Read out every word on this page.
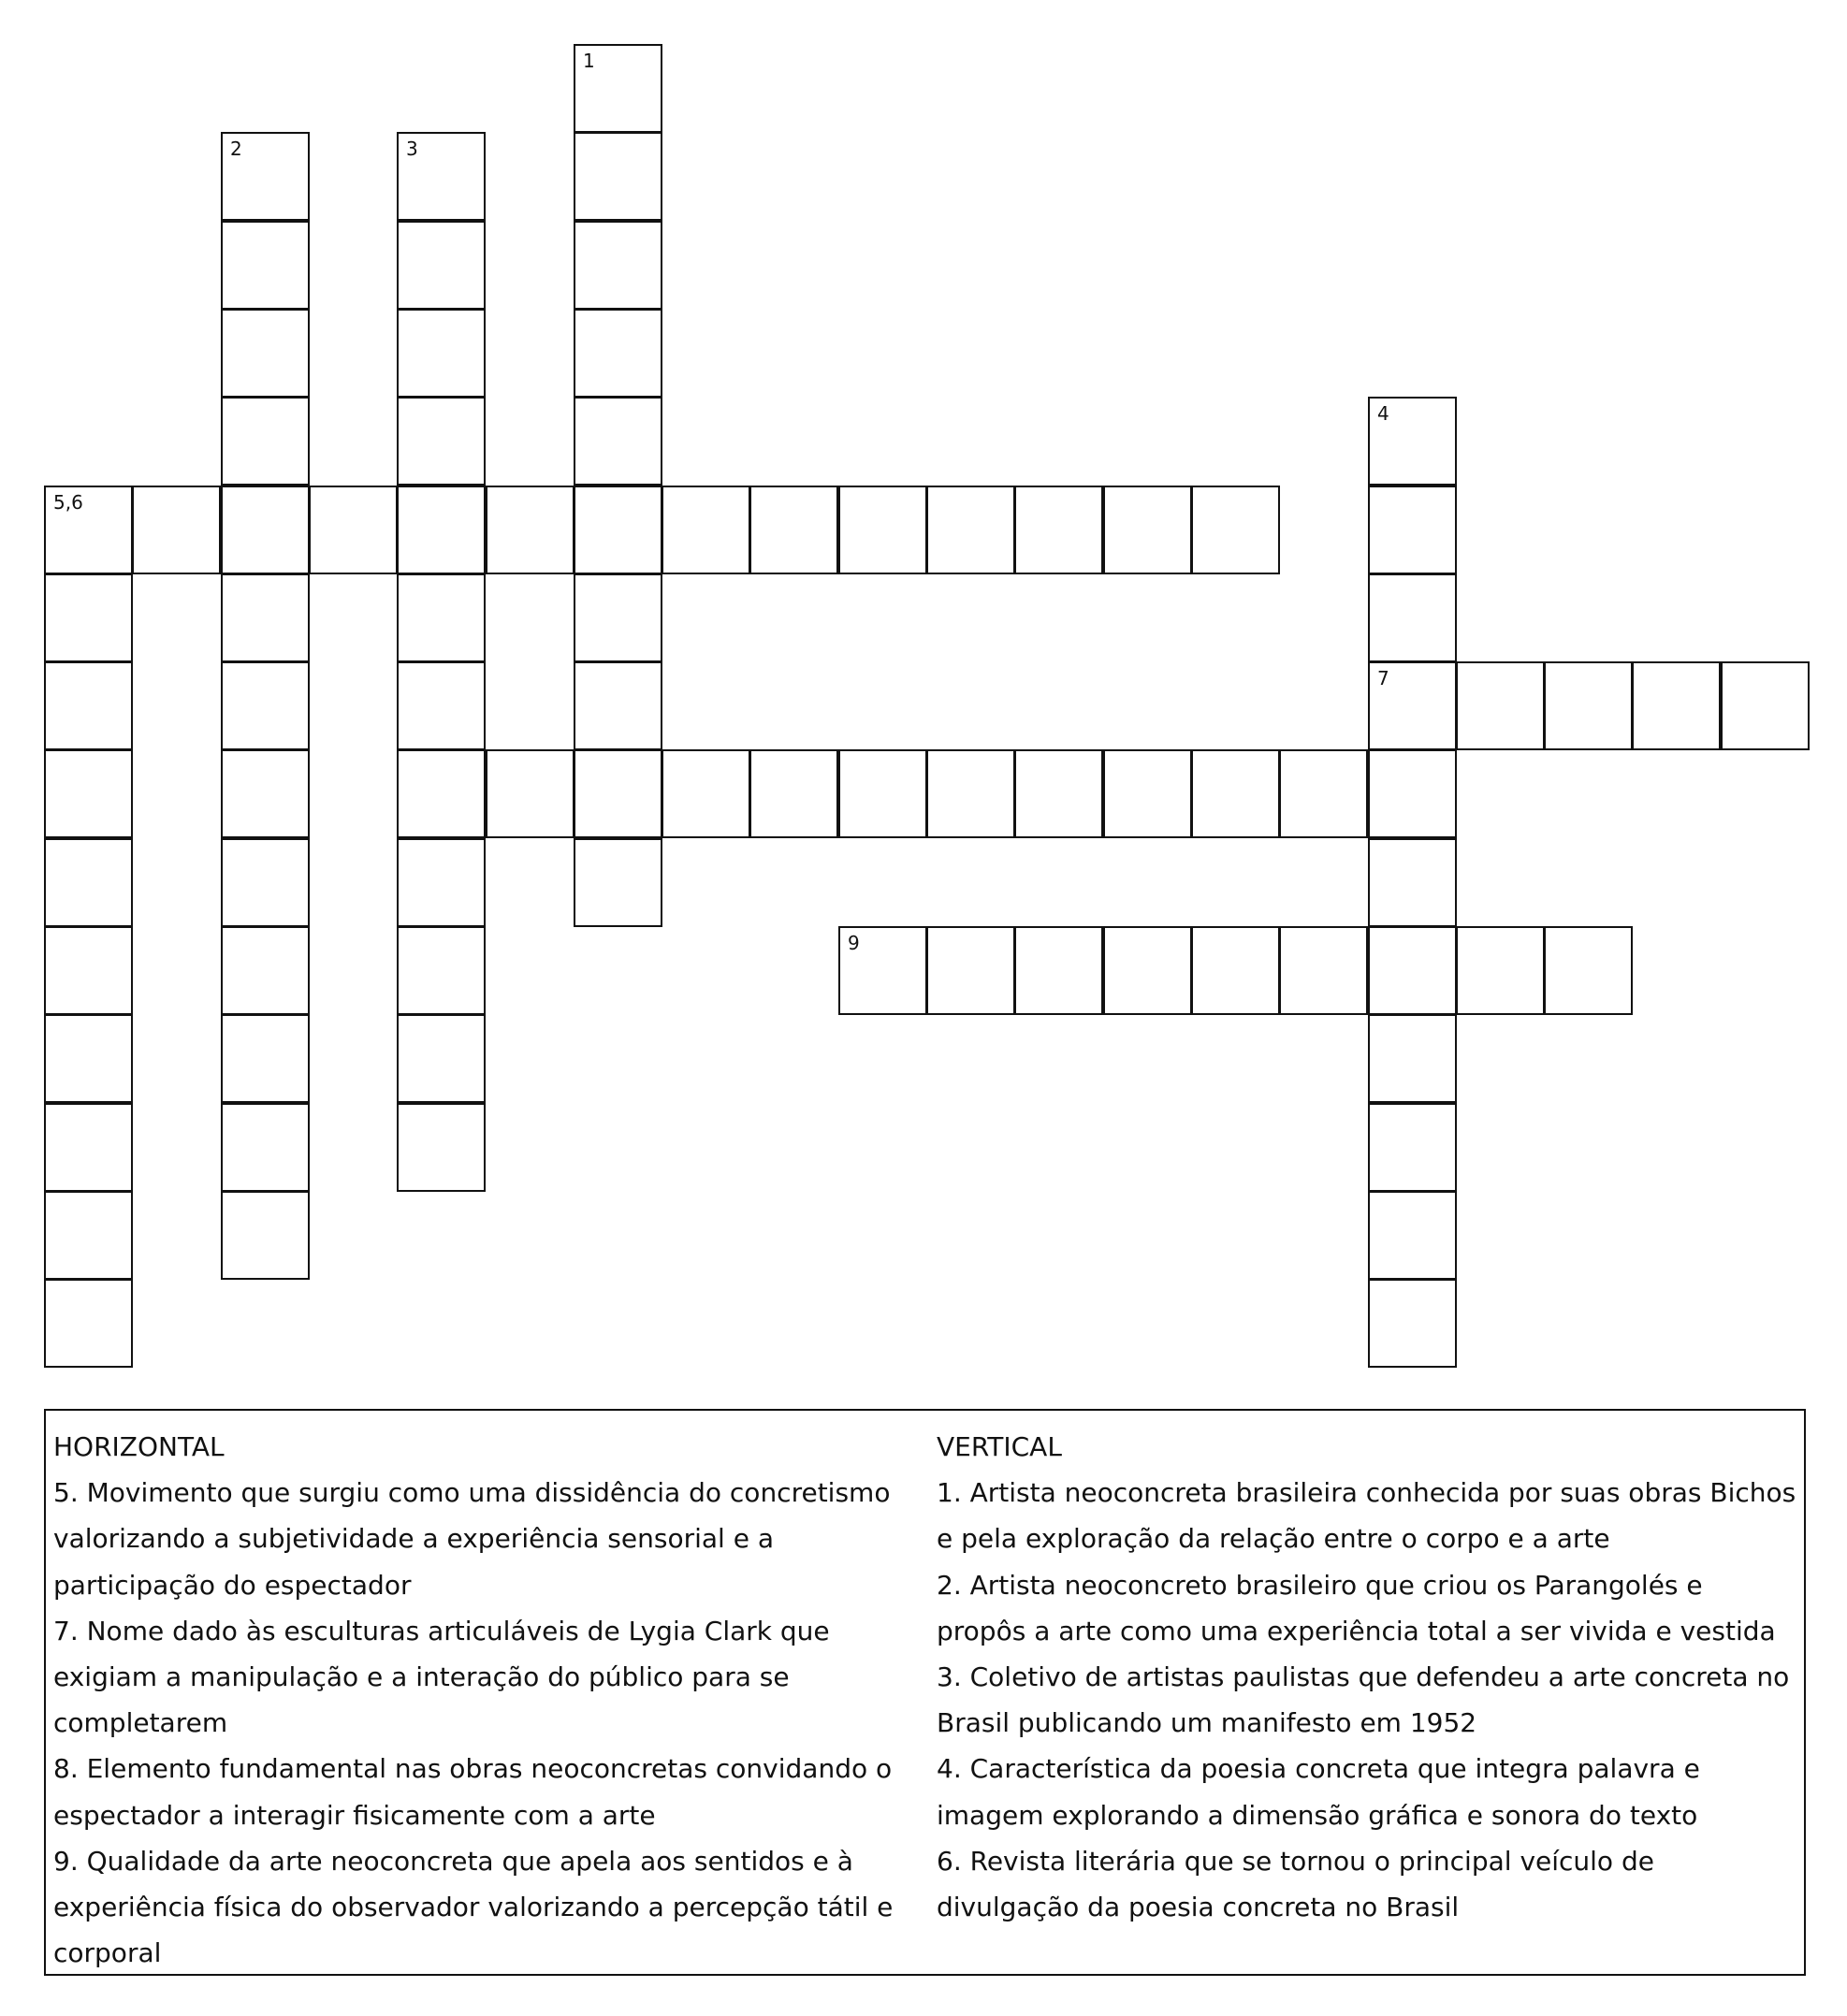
1
2	3
4
7
5,6
9
HORIZONTAL
5. Movimento que surgiu como uma dissidência do concretismo valorizando a subjetividade a experiência sensorial e a participação do espectador
7. Nome dado às esculturas articuláveis de Lygia Clark que exigiam a manipulação e a interação do público para se completarem
8. Elemento fundamental nas obras neoconcretas convidando o espectador a interagir fisicamente com a arte
9. Qualidade da arte neoconcreta que apela aos sentidos e à experiência física do observador valorizando a percepção tátil e corporal
VERTICAL
1. Artista neoconcreta brasileira conhecida por suas obras Bichos e pela exploração da relação entre o corpo e a arte
2. Artista neoconcreto brasileiro que criou os Parangolés e propôs a arte como uma experiência total a ser vivida e vestida
3. Coletivo de artistas paulistas que defendeu a arte concreta no Brasil publicando um manifesto em 1952
4. Característica da poesia concreta que integra palavra e imagem explorando a dimensão gráfica e sonora do texto
6. Revista literária que se tornou o principal veículo de divulgação da poesia concreta no Brasil
